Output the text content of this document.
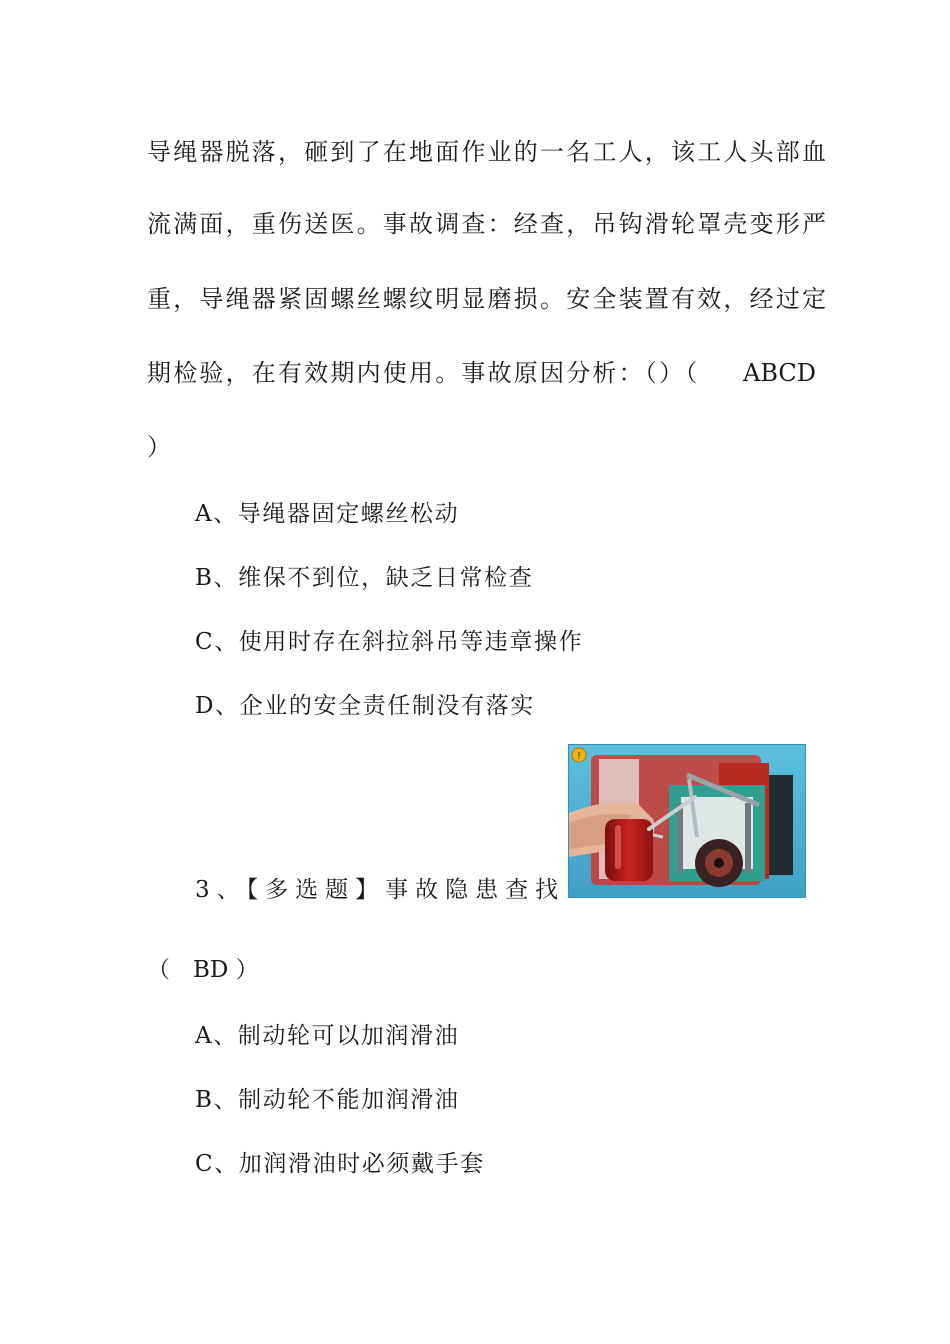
导绳器脱落，砸到了在地面作业的一名工人，该工人头部血
流满面，重伤送医。事故调查：经查，吊钩滑轮罩壳变形严
重，导绳器紧固螺丝螺纹明显磨损。安全装置有效，经过定
期检验，在有效期内使用。事故原因分析：（）（ ABCD
）
A、导绳器固定螺丝松动
B、维保不到位，缺乏日常检查
C、使用时存在斜拉斜吊等违章操作
D、企业的安全责任制没有落实
!
3、【多选题】事故隐患查找
（　BD ）
A、制动轮可以加润滑油
B、制动轮不能加润滑油
C、加润滑油时必须戴手套
